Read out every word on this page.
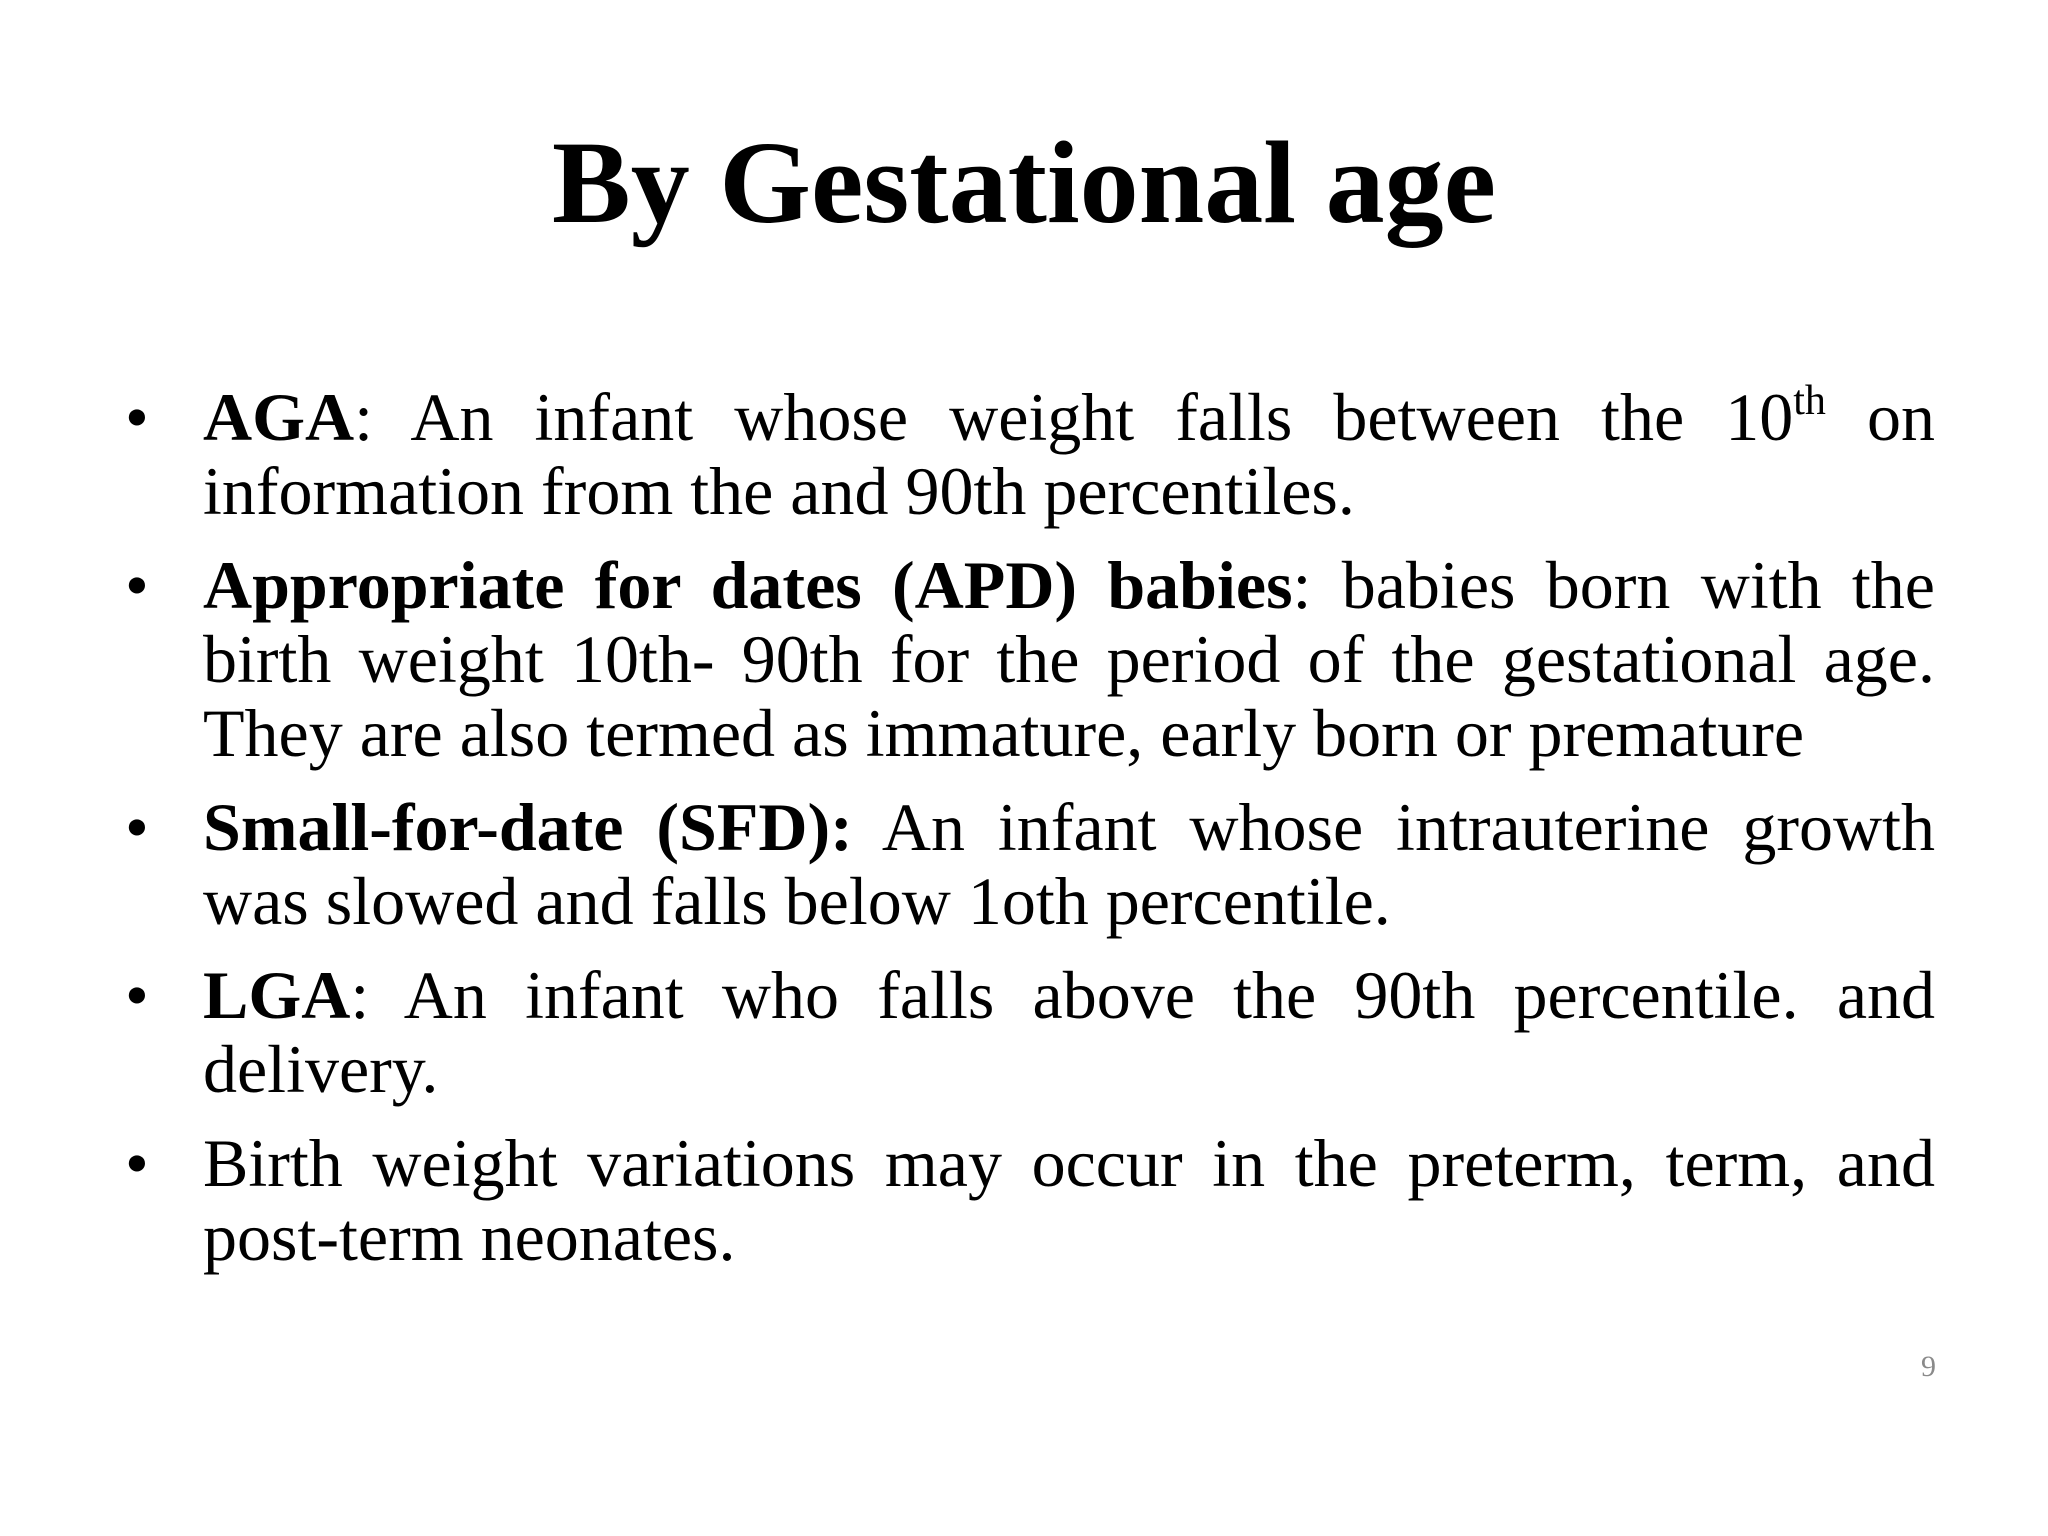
By Gestational age
• AGA: An infant whose weight falls between the 10th on information from the and 90th percentiles.
• Appropriate for dates (APD) babies: babies born with the birth weight 10th- 90th for the period of the gestational age. They are also termed as immature, early born or premature
• Small-for-date (SFD): An infant whose intrauterine growth was slowed and falls below 1oth percentile.
• LGA: An infant who falls above the 90th percentile. and delivery.
• Birth weight variations may occur in the preterm, term, and post-term neonates.
9
